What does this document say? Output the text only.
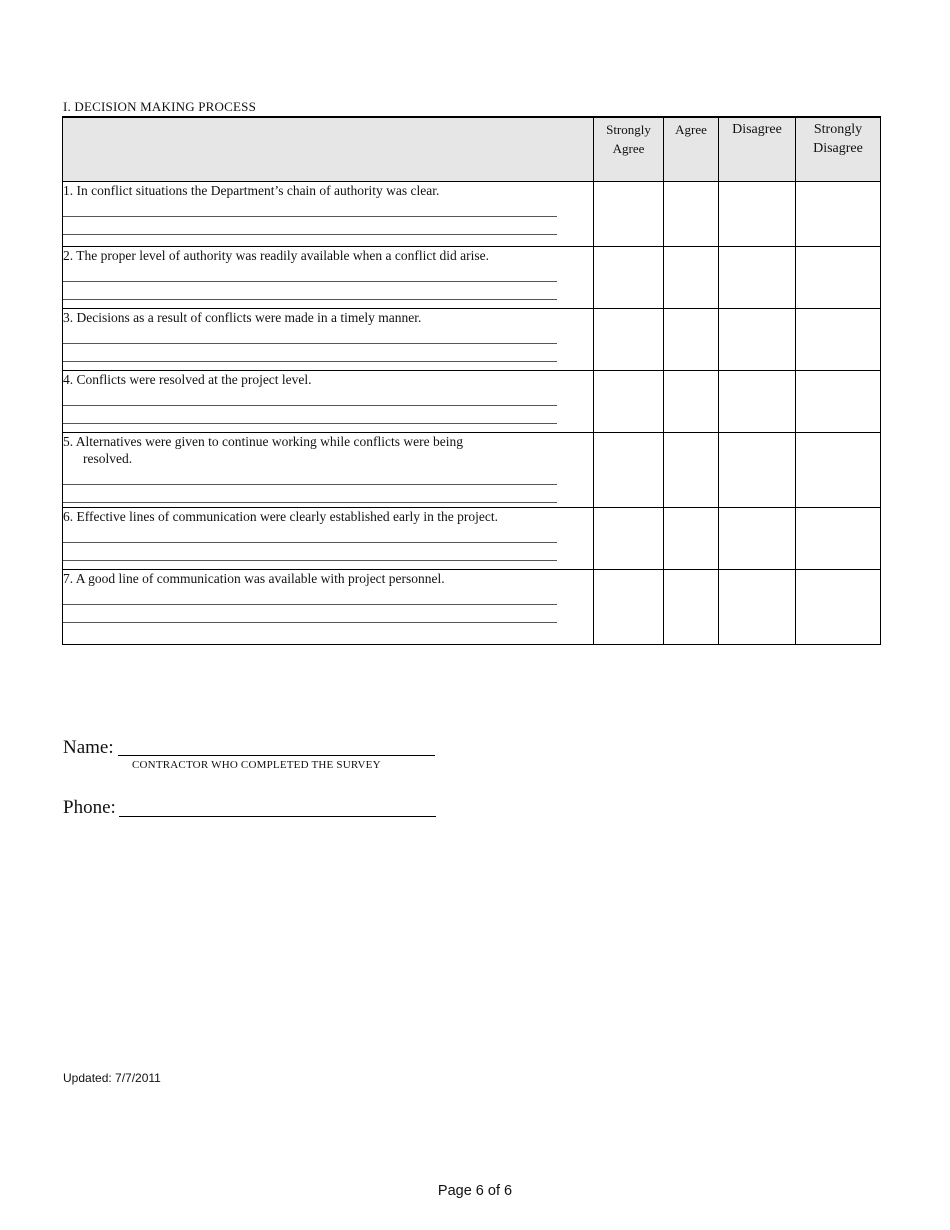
I. DECISION MAKING PROCESS
	Strongly Agree	Agree	Disagree	Strongly Disagree

1. In conflict situations the Department’s chain of authority was clear.				

2. The proper level of authority was readily available when a conflict did arise.				

3. Decisions as a result of conflicts were made in a timely manner.				

4. Conflicts were resolved at the project level.				

5. Alternatives were given to continue working while conflicts were being
resolved.				

6. Effective lines of communication were clearly established early in the project.				

7. A good line of communication was available with project personnel.				

Name:
CONTRACTOR WHO COMPLETED THE SURVEY
Phone:
Updated: 7/7/2011
Page 6 of 6
